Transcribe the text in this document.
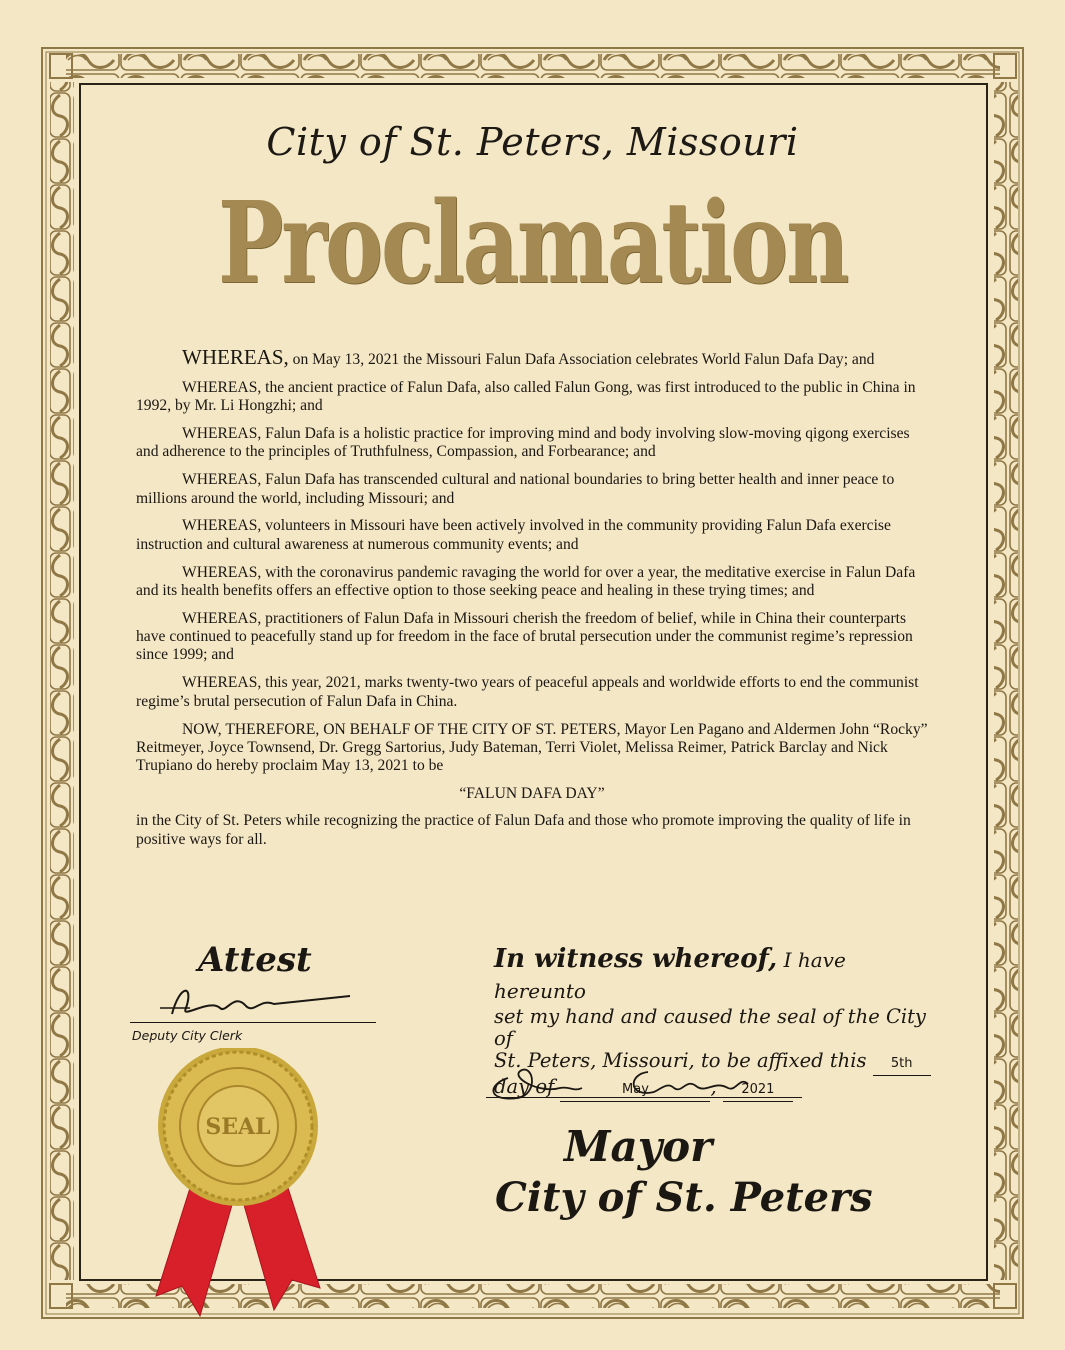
City of St. Peters, Missouri
Proclamation

WHEREAS, on May 13, 2021 the Missouri Falun Dafa Association celebrates World Falun Dafa Day; and

WHEREAS, the ancient practice of Falun Dafa, also called Falun Gong, was first introduced to the public in China in 1992, by Mr. Li Hongzhi; and

WHEREAS, Falun Dafa is a holistic practice for improving mind and body involving slow-moving qigong exercises and adherence to the principles of Truthfulness, Compassion, and Forbearance; and

WHEREAS, Falun Dafa has transcended cultural and national boundaries to bring better health and inner peace to millions around the world, including Missouri; and

WHEREAS, volunteers in Missouri have been actively involved in the community providing Falun Dafa exercise instruction and cultural awareness at numerous community events; and

WHEREAS, with the coronavirus pandemic ravaging the world for over a year, the meditative exercise in Falun Dafa and its health benefits offers an effective option to those seeking peace and healing in these trying times; and

WHEREAS, practitioners of Falun Dafa in Missouri cherish the freedom of belief, while in China their counterparts have continued to peacefully stand up for freedom in the face of brutal persecution under the communist regime’s repression since 1999; and

WHEREAS, this year, 2021, marks twenty-two years of peaceful appeals and worldwide efforts to end the communist regime’s brutal persecution of Falun Dafa in China.

NOW, THEREFORE, ON BEHALF OF THE CITY OF ST. PETERS, Mayor Len Pagano and Aldermen John “Rocky” Reitmeyer, Joyce Townsend, Dr. Gregg Sartorius, Judy Bateman, Terri Violet, Melissa Reimer, Patrick Barclay and Nick Trupiano do hereby proclaim May 13, 2021 to be

“FALUN DAFA DAY”

in the City of St. Peters while recognizing the practice of Falun Dafa and those who promote improving the quality of life in positive ways for all.

Attest
Deputy City Clerk
In witness whereof, I have hereunto
set my hand and caused the seal of the City of
St. Peters, Missouri, to be affixed this 5th
day of	May	, 2021
Mayor
City of St. Peters
SEAL
